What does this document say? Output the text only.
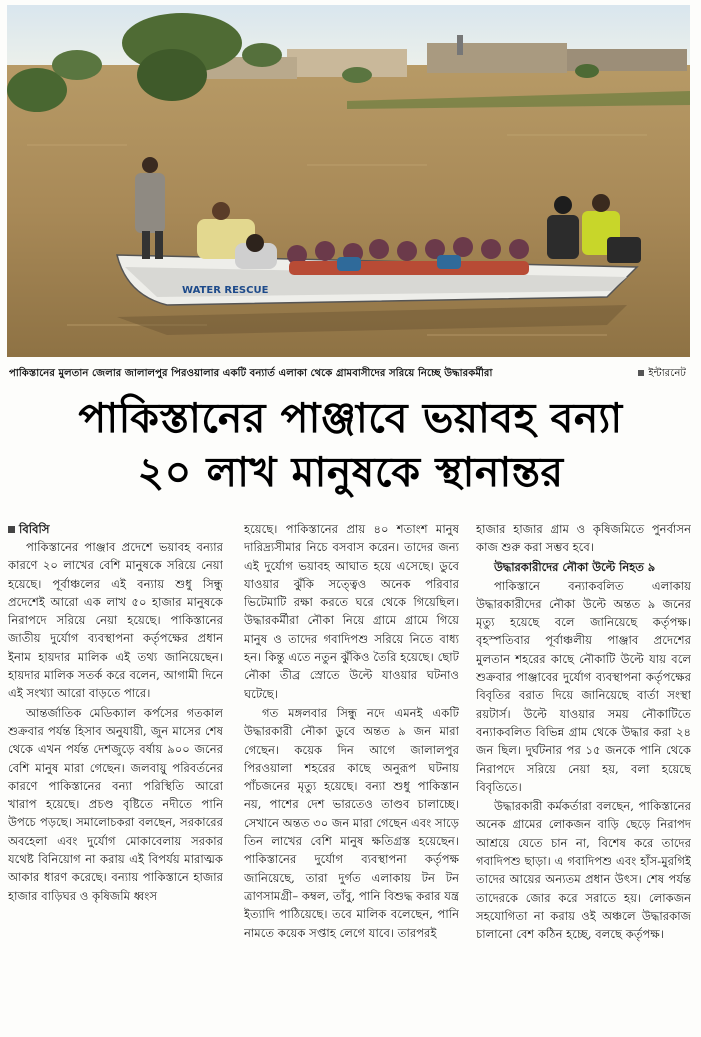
WATER RESCUE
পাকিস্তানের মুলতান জেলার জালালপুর পিরওয়ালার একটি বন্যার্ত এলাকা থেকে গ্রামবাসীদের সরিয়ে নিচ্ছে উদ্ধারকর্মীরা	ইন্টারনেট
পাকিস্তানের পাঞ্জাবে ভয়াবহ বন্যা
২০ লাখ মানুষকে স্থানান্তর
বিবিসি

পাকিস্তানের পাঞ্জাব প্রদেশে ভয়াবহ বন্যার কারণে ২০ লাখের বেশি মানুষকে সরিয়ে নেয়া হয়েছে। পূর্বাঞ্চলের এই বন্যায় শুধু সিন্ধু প্রদেশেই আরো এক লাখ ৫০ হাজার মানুষকে নিরাপদে সরিয়ে নেয়া হয়েছে। পাকিস্তানের জাতীয় দুর্যোগ ব্যবস্থাপনা কর্তৃপক্ষের প্রধান ইনাম হায়দার মালিক এই তথ্য জানিয়েছেন। হায়দার মালিক সতর্ক করে বলেন, আগামী দিনে এই সংখ্যা আরো বাড়তে পারে।

আন্তর্জাতিক মেডিক্যাল কর্পসের গতকাল শুক্রবার পর্যন্ত হিসাব অনুযায়ী, জুন মাসের শেষ থেকে এখন পর্যন্ত দেশজুড়ে বর্ষায় ৯০০ জনের বেশি মানুষ মারা গেছেন। জলবায়ু পরিবর্তনের কারণে পাকিস্তানের বন্যা পরিস্থিতি আরো খারাপ হয়েছে। প্রচণ্ড বৃষ্টিতে নদীতে পানি উপচে পড়ছে। সমালোচকরা বলছেন, সরকারের অবহেলা এবং দুর্যোগ মোকাবেলায় সরকার যথেষ্ট বিনিয়োগ না করায় এই বিপর্যয় মারাত্মক আকার ধারণ করেছে। বন্যায় পাকিস্তানে হাজার হাজার বাড়িঘর ও কৃষিজমি ধ্বংস

হয়েছে। পাকিস্তানের প্রায় ৪০ শতাংশ মানুষ দারিদ্র্যসীমার নিচে বসবাস করেন। তাদের জন্য এই দুর্যোগ ভয়াবহ আঘাত হয়ে এসেছে। ডুবে যাওয়ার ঝুঁকি সত্ত্বেও অনেক পরিবার ভিটেমাটি রক্ষা করতে ঘরে থেকে গিয়েছিল। উদ্ধারকর্মীরা নৌকা নিয়ে গ্রামে গ্রামে গিয়ে মানুষ ও তাদের গবাদিপশু সরিয়ে নিতে বাধ্য হন। কিন্তু এতে নতুন ঝুঁকিও তৈরি হয়েছে। ছোট নৌকা তীব্র স্রোতে উল্টে যাওয়ার ঘটনাও ঘটেছে।

গত মঙ্গলবার সিন্ধু নদে এমনই একটি উদ্ধারকারী নৌকা ডুবে অন্তত ৯ জন মারা গেছেন। কয়েক দিন আগে জালালপুর পিরওয়ালা শহরের কাছে অনুরূপ ঘটনায় পাঁচজনের মৃত্যু হয়েছে। বন্যা শুধু পাকিস্তান নয়, পাশের দেশ ভারতেও তাণ্ডব চালাচ্ছে। সেখানে অন্তত ৩০ জন মারা গেছেন এবং সাড়ে তিন লাখের বেশি মানুষ ক্ষতিগ্রস্ত হয়েছেন। পাকিস্তানের দুর্যোগ ব্যবস্থাপনা কর্তৃপক্ষ জানিয়েছে, তারা দুর্গত এলাকায় টন টন ত্রাণসামগ্রী– কম্বল, তাঁবু, পানি বিশুদ্ধ করার যন্ত্র ইত্যাদি পাঠিয়েছে। তবে মালিক বলেছেন, পানি নামতে কয়েক সপ্তাহ লেগে যাবে। তারপরই

হাজার হাজার গ্রাম ও কৃষিজমিতে পুনর্বাসন কাজ শুরু করা সম্ভব হবে।

উদ্ধারকারীদের নৌকা উল্টে নিহত ৯

পাকিস্তানে বন্যাকবলিত এলাকায় উদ্ধারকারীদের নৌকা উল্টে অন্তত ৯ জনের মৃত্যু হয়েছে বলে জানিয়েছে কর্তৃপক্ষ। বৃহস্পতিবার পূর্বাঞ্চলীয় পাঞ্জাব প্রদেশের মুলতান শহরের কাছে নৌকাটি উল্টে যায় বলে শুক্রবার পাঞ্জাবের দুর্যোগ ব্যবস্থাপনা কর্তৃপক্ষের বিবৃতির বরাত দিয়ে জানিয়েছে বার্তা সংস্থা রয়টার্স। উল্টে যাওয়ার সময় নৌকাটিতে বন্যাকবলিত বিভিন্ন গ্রাম থেকে উদ্ধার করা ২৪ জন ছিল। দুর্ঘটনার পর ১৫ জনকে পানি থেকে নিরাপদে সরিয়ে নেয়া হয়, বলা হয়েছে বিবৃতিতে।

উদ্ধারকারী কর্মকর্তারা বলছেন, পাকিস্তানের অনেক গ্রামের লোকজন বাড়ি ছেড়ে নিরাপদ আশ্রয়ে যেতে চান না, বিশেষ করে তাদের গবাদিপশু ছাড়া। এ গবাদিপশু এবং হাঁস-মুরগিই তাদের আয়ের অন্যতম প্রধান উৎস। শেষ পর্যন্ত তাদেরকে জোর করে সরাতে হয়। লোকজন সহযোগিতা না করায় ওই অঞ্চলে উদ্ধারকাজ চালানো বেশ কঠিন হচ্ছে, বলছে কর্তৃপক্ষ।
